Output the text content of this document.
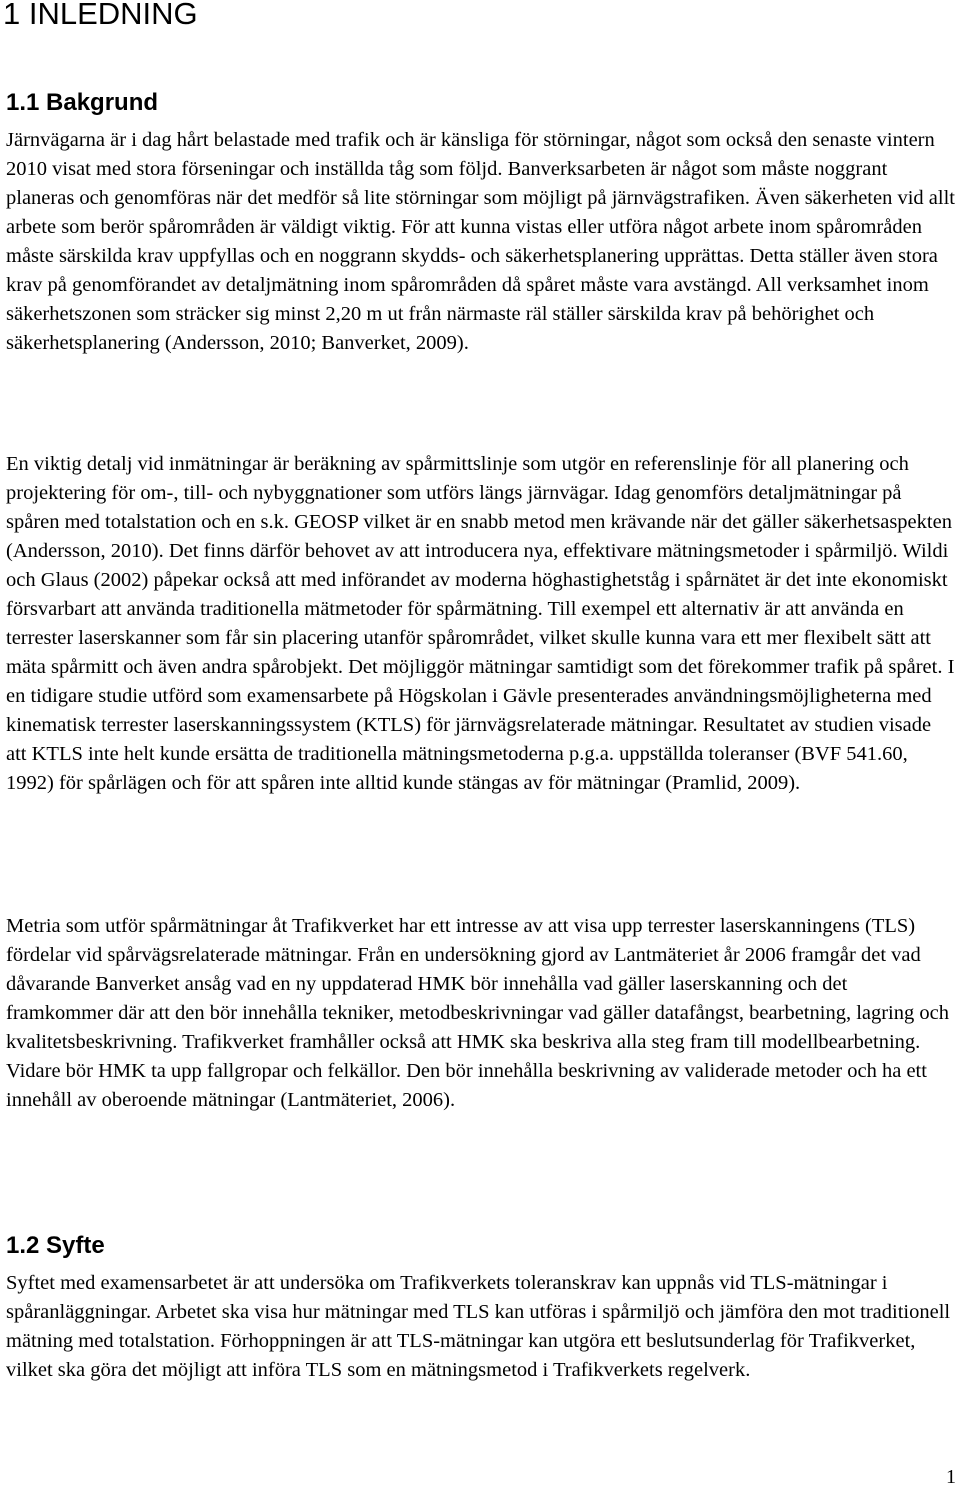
1 INLEDNING
1.1 Bakgrund

Järnvägarna är i dag hårt belastade med trafik och är känsliga för störningar, något som också den senaste vintern 2010 visat med stora förseningar och inställda tåg som följd. Banverksarbeten är något som måste noggrant planeras och genomföras när det medför så lite störningar som möjligt på järnvägstrafiken. Även säkerheten vid allt arbete som berör spårområden är väldigt viktig. För att kunna vistas eller utföra något arbete inom spårområden måste särskilda krav uppfyllas och en noggrann skydds- och säkerhetsplanering upprättas. Detta ställer även stora krav på genomförandet av detaljmätning inom spårområden då spåret måste vara avstängd. All verksamhet inom säkerhetszonen som sträcker sig minst 2,20 m ut från närmaste räl ställer särskilda krav på behörighet och säkerhetsplanering (Andersson, 2010; Banverket, 2009).

En viktig detalj vid inmätningar är beräkning av spårmittslinje som utgör en referenslinje för all planering och projektering för om-, till- och nybyggnationer som utförs längs järnvägar. Idag genomförs detaljmätningar på spåren med totalstation och en s.k. GEOSP vilket är en snabb metod men krävande när det gäller säkerhetsaspekten (Andersson, 2010). Det finns därför behovet av att introducera nya, effektivare mätningsmetoder i spårmiljö. Wildi och Glaus (2002) påpekar också att med införandet av moderna höghastighetståg i spårnätet är det inte ekonomiskt försvarbart att använda traditionella mätmetoder för spårmätning. Till exempel ett alternativ är att använda en terrester laserskanner som får sin placering utanför spårområdet, vilket skulle kunna vara ett mer flexibelt sätt att mäta spårmitt och även andra spårobjekt. Det möjliggör mätningar samtidigt som det förekommer trafik på spåret. I en tidigare studie utförd som examensarbete på Högskolan i Gävle presenterades användningsmöjligheterna med kinematisk terrester laserskanningssystem (KTLS) för järnvägsrelaterade mätningar. Resultatet av studien visade att KTLS inte helt kunde ersätta de traditionella mätningsmetoderna p.g.a. uppställda toleranser (BVF 541.60, 1992) för spårlägen och för att spåren inte alltid kunde stängas av för mätningar (Pramlid, 2009).

Metria som utför spårmätningar åt Trafikverket har ett intresse av att visa upp terrester laserskanningens (TLS) fördelar vid spårvägsrelaterade mätningar. Från en undersökning gjord av Lantmäteriet år 2006 framgår det vad dåvarande Banverket ansåg vad en ny uppdaterad HMK bör innehålla vad gäller laserskanning och det framkommer där att den bör innehålla tekniker, metodbeskrivningar vad gäller datafångst, bearbetning, lagring och kvalitetsbeskrivning. Trafikverket framhåller också att HMK ska beskriva alla steg fram till modellbearbetning. Vidare bör HMK ta upp fallgropar och felkällor. Den bör innehålla beskrivning av validerade metoder och ha ett innehåll av oberoende mätningar (Lantmäteriet, 2006).

1.2 Syfte

Syftet med examensarbetet är att undersöka om Trafikverkets toleranskrav kan uppnås vid TLS-mätningar i spåranläggningar. Arbetet ska visa hur mätningar med TLS kan utföras i spårmiljö och jämföra den mot traditionell mätning med totalstation. Förhoppningen är att TLS-mätningar kan utgöra ett beslutsunderlag för Trafikverket, vilket ska göra det möjligt att införa TLS som en mätningsmetod i Trafikverkets regelverk.

1
